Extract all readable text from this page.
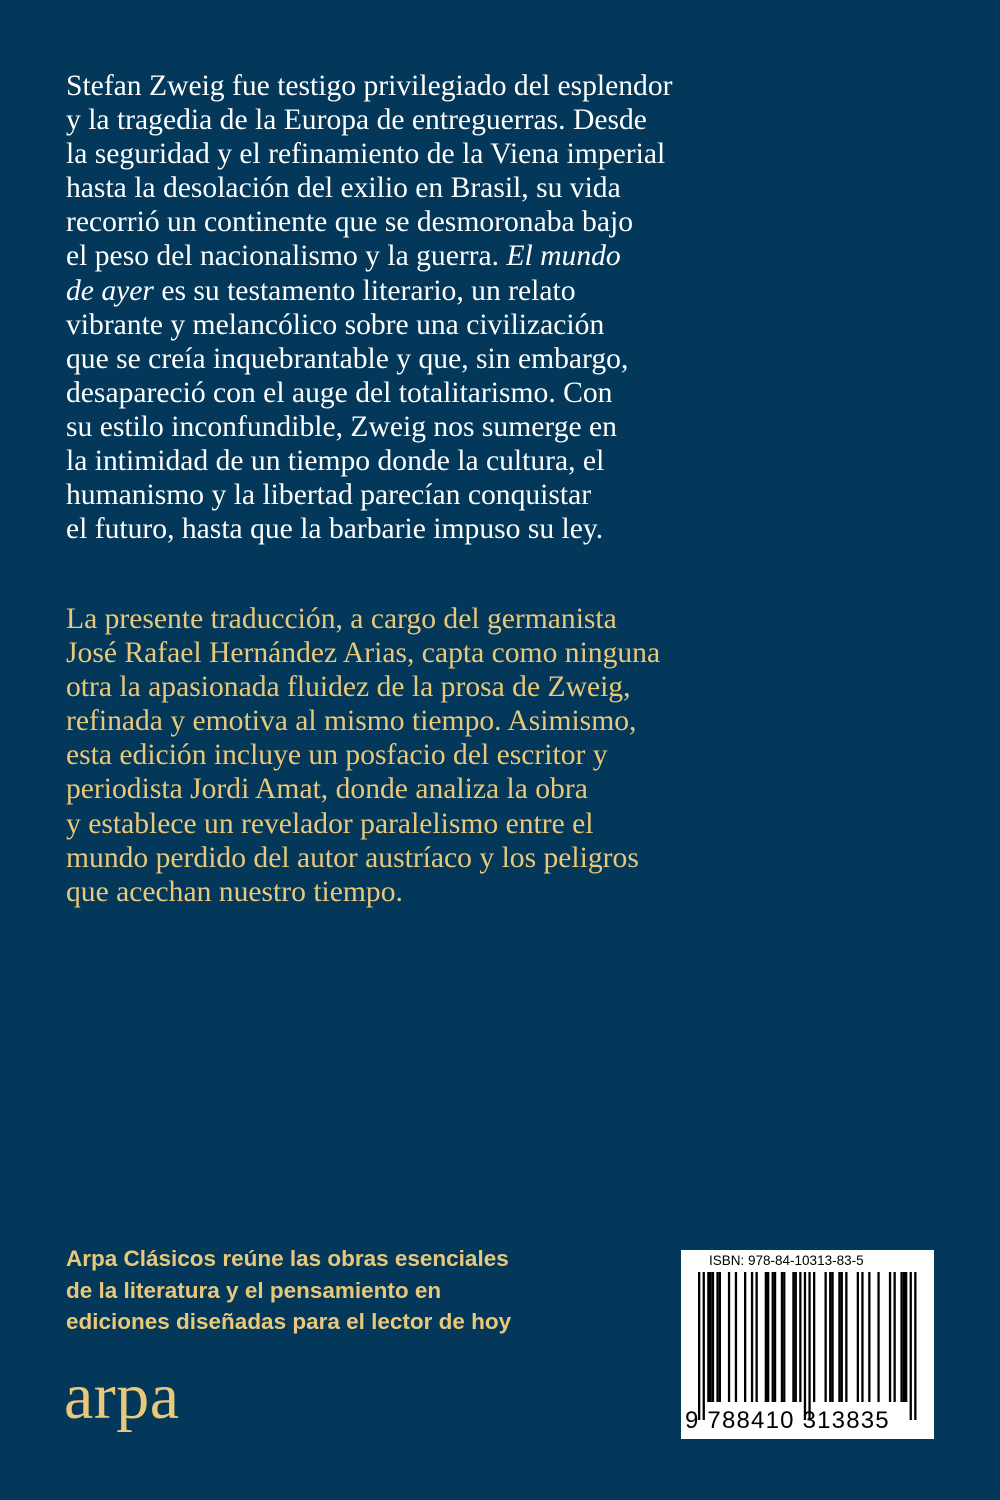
Stefan Zweig fue testigo privilegiado del esplendor
y la tragedia de la Europa de entreguerras. Desde
la seguridad y el refinamiento de la Viena imperial
hasta la desolación del exilio en Brasil, su vida
recorrió un continente que se desmoronaba bajo
el peso del nacionalismo y la guerra. El mundo
de ayer es su testamento literario, un relato
vibrante y melancólico sobre una civilización
que se creía inquebrantable y que, sin embargo,
desapareció con el auge del totalitarismo. Con
su estilo inconfundible, Zweig nos sumerge en
la intimidad de un tiempo donde la cultura, el
humanismo y la libertad parecían conquistar
el futuro, hasta que la barbarie impuso su ley.

La presente traducción, a cargo del germanista
José Rafael Hernández Arias, capta como ninguna
otra la apasionada fluidez de la prosa de Zweig,
refinada y emotiva al mismo tiempo. Asimismo,
esta edición incluye un posfacio del escritor y
periodista Jordi Amat, donde analiza la obra
y establece un revelador paralelismo entre el
mundo perdido del autor austríaco y los peligros
que acechan nuestro tiempo.

Arpa Clásicos reúne las obras esenciales
de la literatura y el pensamiento en
ediciones diseñadas para el lector de hoy

arpa
ISBN: 978-84-10313-83-5
9 788410 313835
